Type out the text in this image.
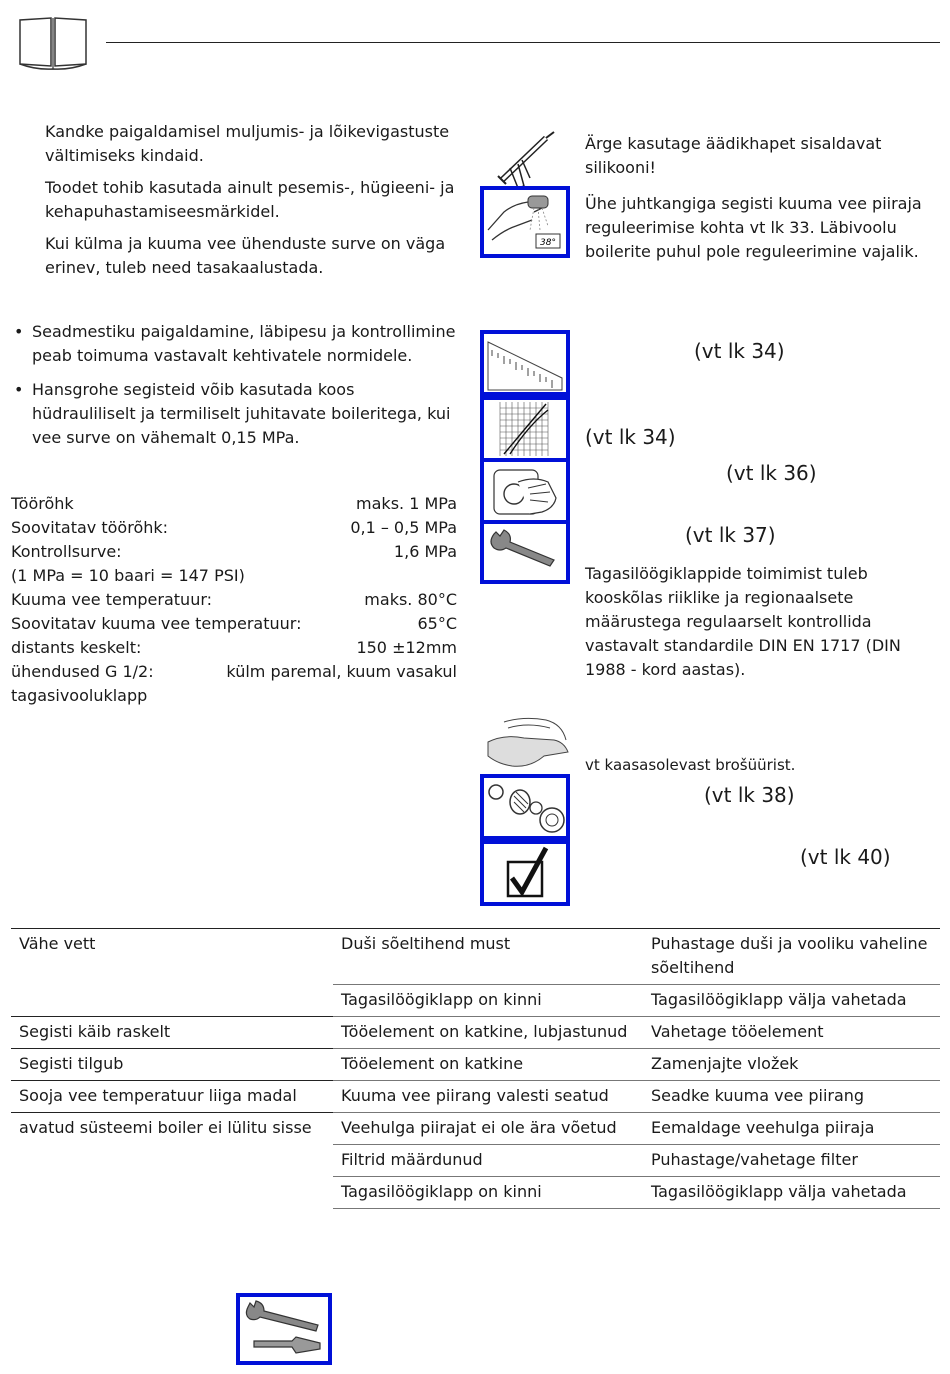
Kandke paigaldamisel muljumis- ja lõikevigastuste vältimiseks kindaid.

Toodet tohib kasutada ainult pesemis-, hügieeni- ja kehapuhastamiseesmärkidel.

Kui külma ja kuuma vee ühenduste surve on väga erinev, tuleb need tasakaalustada.

Ärge kasutage äädikhapet sisaldavat silikooni!

38°

Ühe juhtkangiga segisti kuuma vee piiraja reguleerimise kohta vt lk 33. Läbivoolu boilerite puhul pole reguleerimine vajalik.

• Seadmestiku paigaldamine, läbipesu ja kontrollimine peab toimuma vastavalt kehtivatele normidele.
• Hansgrohe segisteid võib kasutada koos hüdrauliliselt ja termiliselt juhitavate boileritega, kui vee surve on vähemalt 0,15 MPa.
Töörõhk	maks. 1 MPa
Soovitatav töörõhk:	0,1 – 0,5 MPa
Kontrollsurve:	1,6 MPa
(1 MPa = 10 baari = 147 PSI)
Kuuma vee temperatuur:	maks. 80°C
Soovitatav kuuma vee temperatuur:	65°C
distants keskelt:	150 ±12mm
ühendused G 1/2:	külm paremal, kuum vasakul
tagasivooluklapp
(vt lk 34)
(vt lk 34)
(vt lk 36)
(vt lk 37)

Tagasilöögiklappide toimimist tuleb kooskõlas riiklike ja regionaalsete määrustega regulaarselt kontrollida vastavalt standardile DIN EN 1717 (DIN 1988 - kord aastas).

vt kaasasolevast brošüürist.
(vt lk 38)
(vt lk 40)
Vähe vett	Duši sõeltihend must	Puhastage duši ja vooliku vaheline sõeltihend
	Tagasilöögiklapp on kinni	Tagasilöögiklapp välja vahetada
Segisti käib raskelt	Tööelement on katkine, lubjastunud	Vahetage tööelement
Segisti tilgub	Tööelement on katkine	Zamenjajte vložek
Sooja vee temperatuur liiga madal	Kuuma vee piirang valesti seatud	Seadke kuuma vee piirang
avatud süsteemi boiler ei lülitu sisse	Veehulga piirajat ei ole ära võetud	Eemaldage veehulga piiraja
	Filtrid määrdunud	Puhastage/vahetage filter
	Tagasilöögiklapp on kinni	Tagasilöögiklapp välja vahetada
